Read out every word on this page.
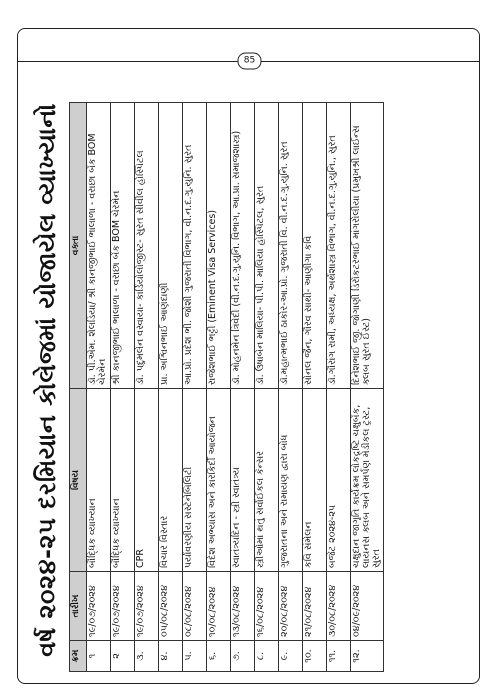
વર્ષ ૨૦૨૪-૨૫ દરમિયાન કોલેજમાં યોજાયેલ વ્યાખ્યાનો	ક્રમ	તારીખ	વિષય	વક્તા
૧	૧૯/૦૭/૨૦૨૪	બૌદ્ધિક વ્યાખ્યાન	ડૉ. પી.એમ. શેલડિયા/ શ્રી કાનજીભાઈ ભાલાળા - વરાછા બેંક BOM ચેરમેન
૨	૧૯/૦૭/૨૦૨૪	બૌદ્ધિક વ્યાખ્યાન	શ્રી કાનજીભાઈ ભાલાળા - વરાછા બેંક BOM ચેરમેન
૩.	૧૯/૦૭/૨૦૨૪	CPR	ડૉ. પદુમલેન વસ્વાયા- કાર્ડિયોલોજીસ્ટ- સુરત સીવીલ હોસ્પિટલ
૪.	૦૫/૦૮/૨૦૨૪	વિચાર વિસ્તાર	પ્રા. અશ્વિનભાઈ આણંદાણી
૫.	૦૮/૦૮/૨૦૨૪	પર્યાવરણીય સસ્ટેનેબિલિટી	આ.પ્રો. પ્રદેશ ભી. જોશી ગુજરાતી વિભાગ, વી.ન.દ.ગુ.યુનિ. સુરત
૬.	૧૦/૦૮/૨૦૨૪	વિદેશ અભ્યાસ અને કારકિર્દી આયોજન	રાજેશભાઈ ભટ્ટી (Eminent Visa Services)
૭.	૧૩/૦૮/૨૦૨૪	સ્વાતંત્ર્યદિન - સ્ત્રી સ્વાતંત્ર્ય	ડૉ. મોહનમેન ત્રિવેદી (વી.ન.દ.ગુ.યુનિ. વિભાગ, આ.પ્રા. સમાજશાસ્ત્ર)
૮.	૧૬/૦૮/૨૦૨૪	સ્ત્રીઓમાં થતું સર્વાઈકલ કેન્સર	ડૉ. ઉષાબેન માલિયા- પી.પી. માલિયા હોસ્પિટલ, સુરત
૯.	૨૦/૦૮/૨૦૨૪	ગુજરાતના અને રામાયણ દ્વારા બોધ	ડૉ.મહાત્મભાઈ ઠાકોર-આ.પ્રો. ગુજરાતી વિ. વી.ન.દ.ગુ.યુનિ. સુરત
૧૦.	૨૧/૦૮/૨૦૨૪	કવિ સંમેલન	સોનલ જૈન, ગૌરવ સાથી- આણીગા કવિ
૧૧.	૩૦/૦૮/૨૦૨૪	બજેટ ૨૦૨૪-૨૫	ડૉ.ગૌરાંગ રામી, અધ્યક્ષ, અર્થશાસ્ત્ર વિભાગ, વી.ન.દ.ગુ.યુનિ., સુરત
૧૨.	૦૪/૦૯/૨૦૨૪	ચક્ષુદાન જાગૃતિ કાર્યક્રમ લોકદ્રષ્ટિ ચક્ષુબેંક, લાયનસ ક્લબ અને સમર્પણ મેડીકલ ટ્રસ્ટ, સુરત	દિનેશભાઈ જી. જોગાણી ડિરોકટરભાઈ માંગરોલીયા (પ્રમુખશ્રી લાઈન્સ ક્લબ સુરત ઈસ્ટ)
85
